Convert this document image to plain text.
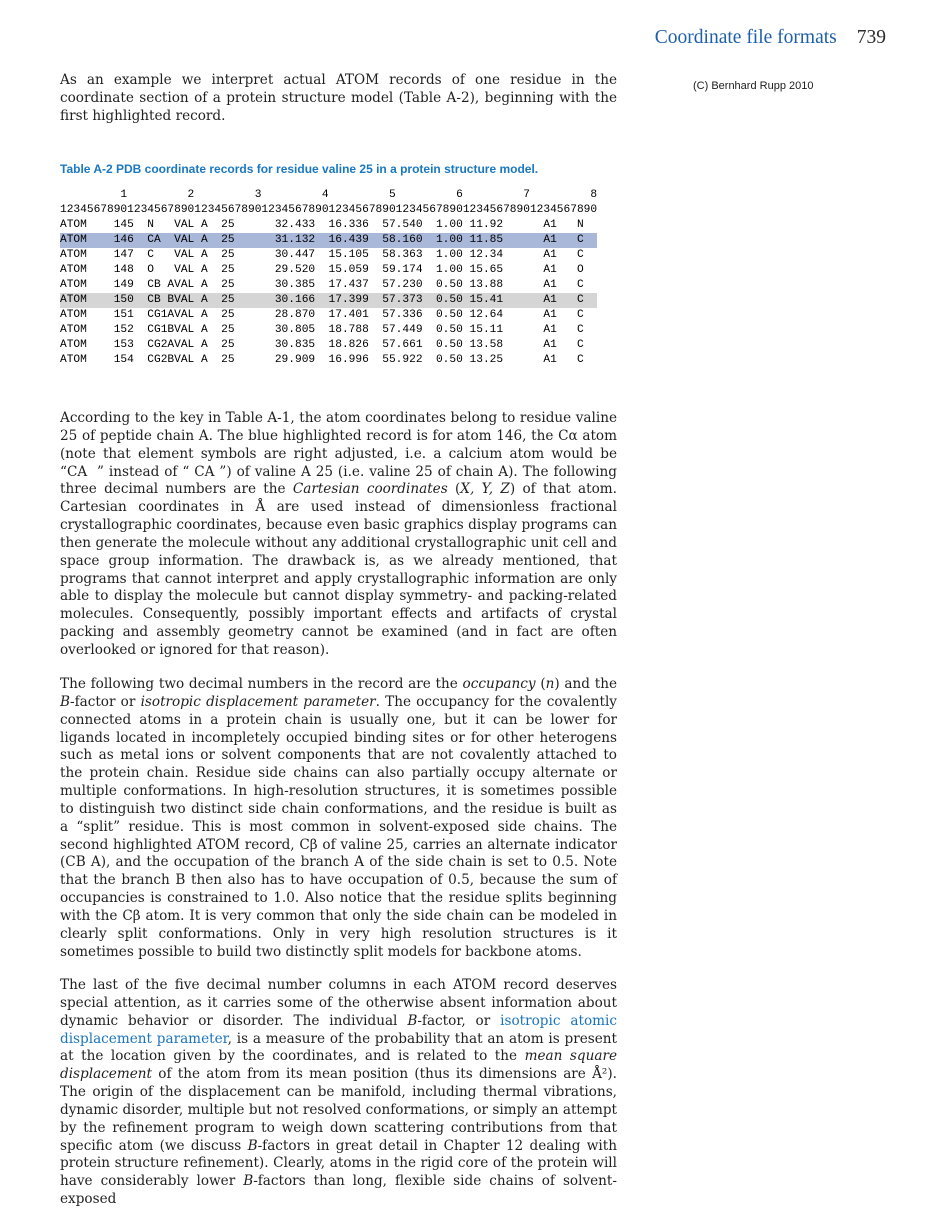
Coordinate file formats 739
(C) Bernhard Rupp 2010

As an example we interpret actual ATOM records of one residue in the coordinate section of a protein structure model (Table A-2), beginning with the first highlighted record.

Table A-2 PDB coordinate records for residue valine 25 in a protein structure model.
1         2         3         4         5         6         7         8
12345678901234567890123456789012345678901234567890123456789012345678901234567890
ATOM    145  N   VAL A  25      32.433  16.336  57.540  1.00 11.92      A1   N
ATOM    146  CA  VAL A  25      31.132  16.439  58.160  1.00 11.85      A1   C
ATOM    147  C   VAL A  25      30.447  15.105  58.363  1.00 12.34      A1   C
ATOM    148  O   VAL A  25      29.520  15.059  59.174  1.00 15.65      A1   O
ATOM    149  CB AVAL A  25      30.385  17.437  57.230  0.50 13.88      A1   C
ATOM    150  CB BVAL A  25      30.166  17.399  57.373  0.50 15.41      A1   C
ATOM    151  CG1AVAL A  25      28.870  17.401  57.336  0.50 12.64      A1   C
ATOM    152  CG1BVAL A  25      30.805  18.788  57.449  0.50 15.11      A1   C
ATOM    153  CG2AVAL A  25      30.835  18.826  57.661  0.50 13.58      A1   C
ATOM    154  CG2BVAL A  25      29.909  16.996  55.922  0.50 13.25      A1   C

According to the key in Table A-1, the atom coordinates belong to residue valine 25 of peptide chain A. The blue highlighted record is for atom 146, the Cα atom (note that element symbols are right adjusted, i.e. a calcium atom would be “CA  ” instead of “ CA ”) of valine A 25 (i.e. valine 25 of chain A). The following three decimal numbers are the Cartesian coordinates (X, Y, Z) of that atom. Cartesian coordinates in Å are used instead of dimensionless fractional crystallographic coordinates, because even basic graphics display programs can then generate the molecule without any additional crystallographic unit cell and space group information. The drawback is, as we already mentioned, that programs that cannot interpret and apply crystallographic information are only able to display the molecule but cannot display symmetry- and packing-related molecules. Consequently, possibly important effects and artifacts of crystal packing and assembly geometry cannot be examined (and in fact are often overlooked or ignored for that reason).

The following two decimal numbers in the record are the occupancy (n) and the B-factor or isotropic displacement parameter. The occupancy for the covalently connected atoms in a protein chain is usually one, but it can be lower for ligands located in incompletely occupied binding sites or for other heterogens such as metal ions or solvent components that are not covalently attached to the protein chain. Residue side chains can also partially occupy alternate or multiple conformations. In high-resolution structures, it is sometimes possible to distinguish two distinct side chain conformations, and the residue is built as a “split” residue. This is most common in solvent-exposed side chains. The second highlighted ATOM record, Cβ of valine 25, carries an alternate indicator (CB A), and the occupation of the branch A of the side chain is set to 0.5. Note that the branch B then also has to have occupation of 0.5, because the sum of occupancies is constrained to 1.0. Also notice that the residue splits beginning with the Cβ atom. It is very common that only the side chain can be modeled in clearly split conformations. Only in very high resolution structures is it sometimes possible to build two distinctly split models for backbone atoms.

The last of the five decimal number columns in each ATOM record deserves special attention, as it carries some of the otherwise absent information about dynamic behavior or disorder. The individual B-factor, or isotropic atomic displacement parameter, is a measure of the probability that an atom is present at the location given by the coordinates, and is related to the mean square displacement of the atom from its mean position (thus its dimensions are Å²). The origin of the displacement can be manifold, including thermal vibrations, dynamic disorder, multiple but not resolved conformations, or simply an attempt by the refinement program to weigh down scattering contributions from that specific atom (we discuss B-factors in great detail in Chapter 12 dealing with protein structure refinement). Clearly, atoms in the rigid core of the protein will have considerably lower B-factors than long, flexible side chains of solvent-exposed
